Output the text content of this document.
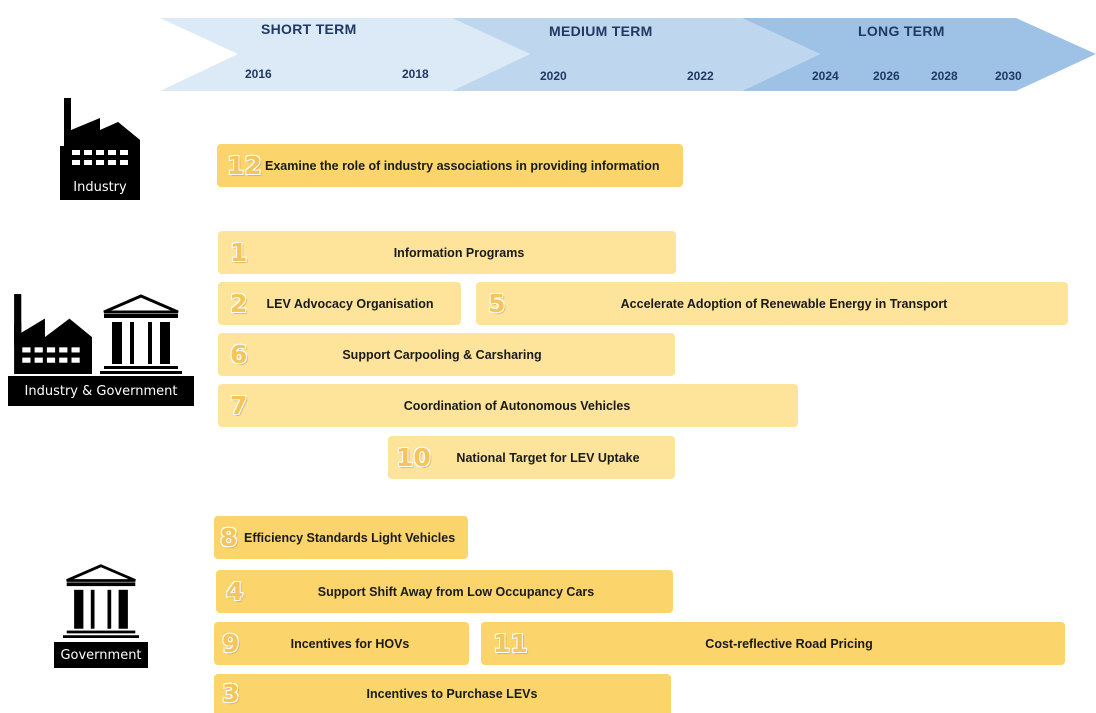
SHORT TERM	MEDIUM TERM	LONG TERM
2016	2018	2020	2022	2024	2026	2028	2030
Industry
Industry & Government
Government
12 Examine the role of industry associations in providing information
1	Information Programs
2 LEV Advocacy Organisation 5	Accelerate Adoption of Renewable Energy in Transport
6	Support Carpooling & Carsharing
7	Coordination of Autonomous Vehicles
10 National Target for LEV Uptake
8 Efficiency Standards Light Vehicles
4	Support Shift Away from Low Occupancy Cars
9	Incentives for HOVs	11	Cost-reflective Road Pricing
3	Incentives to Purchase LEVs
